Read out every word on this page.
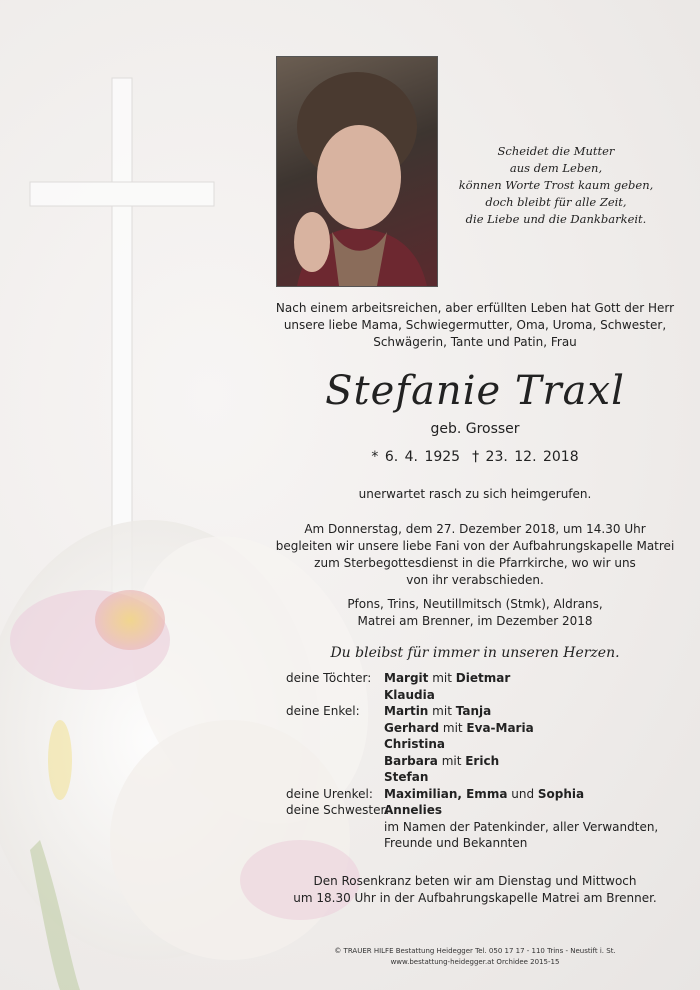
Scheidet die Mutter
aus dem Leben,
können Worte Trost kaum geben,
doch bleibt für alle Zeit,
die Liebe und die Dankbarkeit.
Nach einem arbeitsreichen, aber erfüllten Leben hat Gott der Herr
unsere liebe Mama, Schwiegermutter, Oma, Uroma, Schwester,
Schwägerin, Tante und Patin, Frau
Stefanie Traxl
geb. Grosser
* 6. 4. 1925 † 23. 12. 2018
unerwartet rasch zu sich heimgerufen.
Am Donnerstag, dem 27. Dezember 2018, um 14.30 Uhr
begleiten wir unsere liebe Fani von der Aufbahrungskapelle Matrei
zum Sterbegottesdienst in die Pfarrkirche, wo wir uns
von ihr verabschieden.
Pfons, Trins, Neutillmitsch (Stmk), Aldrans,
Matrei am Brenner, im Dezember 2018
Du bleibst für immer in unseren Herzen.
deine Töchter:	Margit mit Dietmar
Klaudia
deine Enkel:	Martin mit Tanja
Gerhard mit Eva-Maria
Christina
Barbara mit Erich
Stefan
deine Urenkel: Maximilian, Emma und Sophia
deine Schwester:
Annelies
im Namen der Patenkinder, aller Verwandten,
Freunde und Bekannten
Den Rosenkranz beten wir am Dienstag und Mittwoch
um 18.30 Uhr in der Aufbahrungskapelle Matrei am Brenner.
© TRAUER HILFE Bestattung Heidegger Tel. 050 17 17 - 110 Trins - Neustift i. St.
www.bestattung-heidegger.at Orchidee 2015-15
